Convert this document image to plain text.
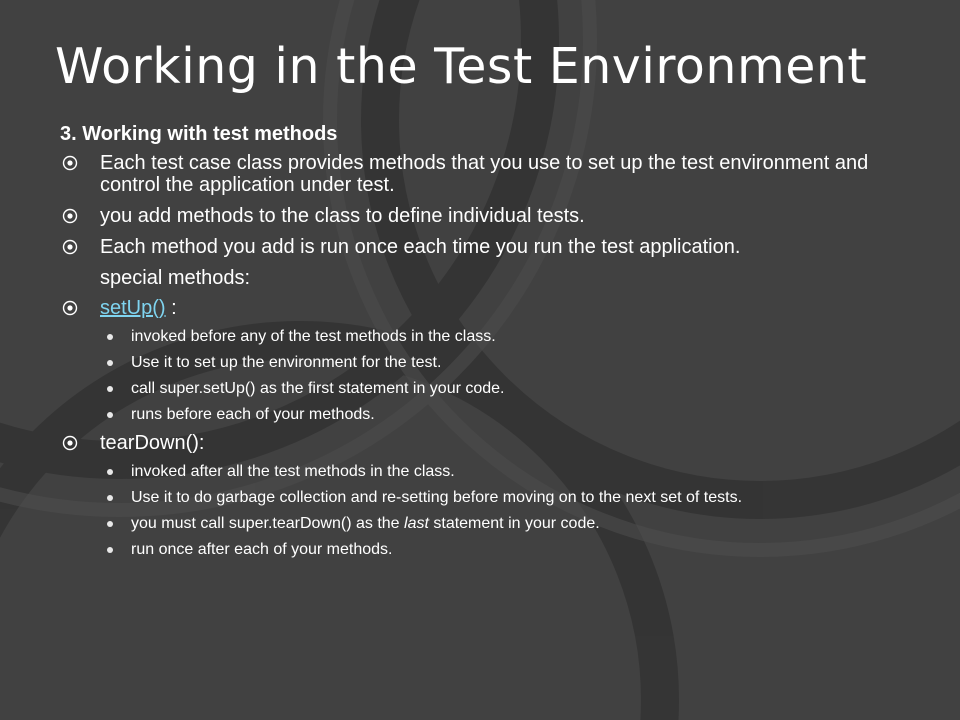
Working in the Test Environment
3. Working with test methods
Each test case class provides methods that you use to set up the test environment and control the application under test.
you add methods to the class to define individual tests.
Each method you add is run once each time you run the test application.
special methods:
setUp() :
invoked before any of the test methods in the class.
Use it to set up the environment for the test.
call super.setUp() as the first statement in your code.
runs before each of your methods.
tearDown():
invoked after all the test methods in the class.
Use it to do garbage collection and re-setting before moving on to the next set of tests.
you must call super.tearDown() as the last statement in your code.
run once after each of your methods.
